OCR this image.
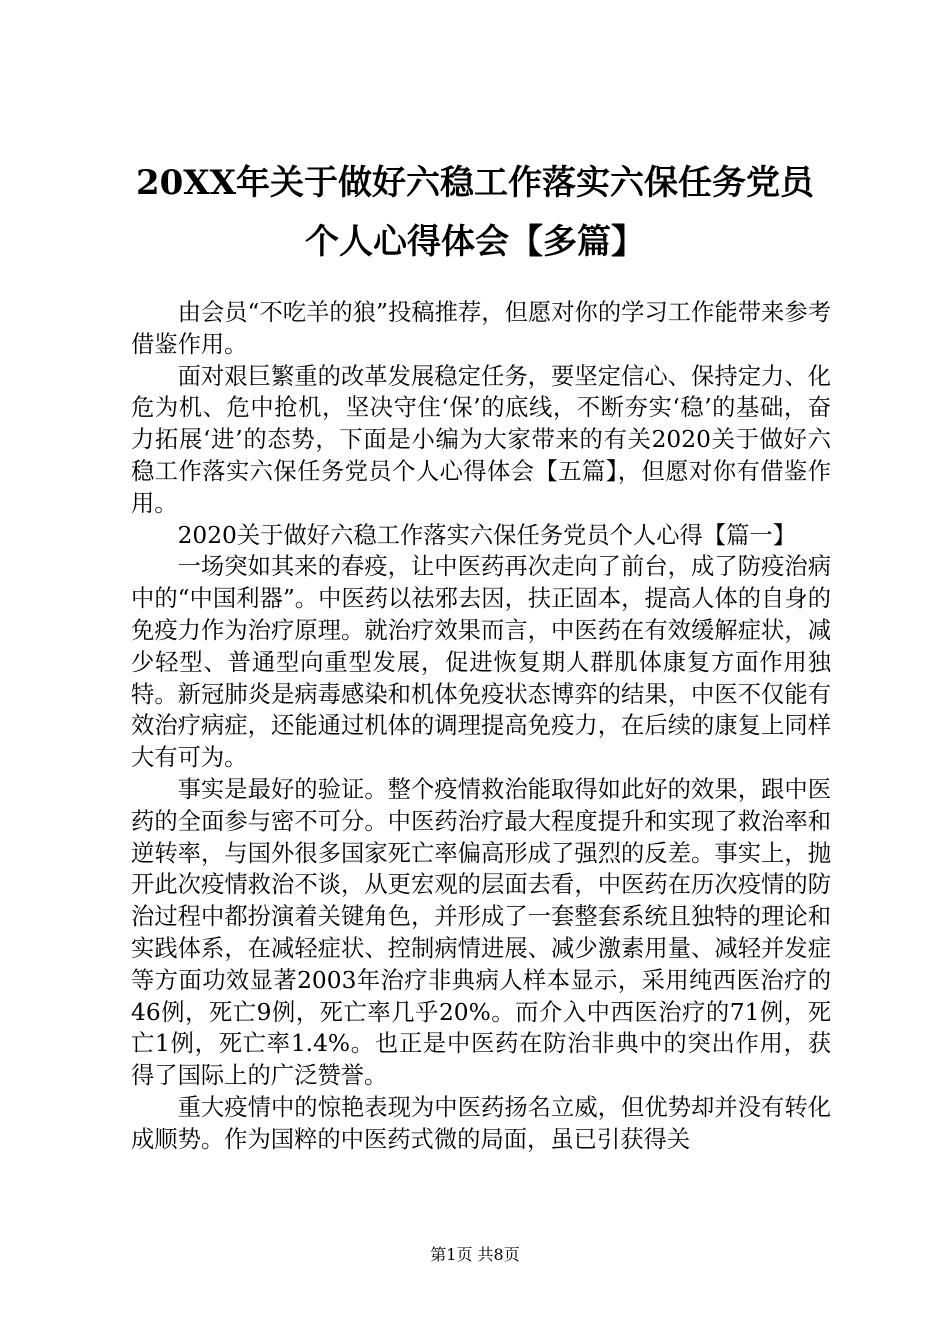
20XX年关于做好六稳工作落实六保任务党员
个人心得体会【多篇】

由会员“不吃羊的狼”投稿推荐，但愿对你的学习工作能带来参考借鉴作用。

面对艰巨繁重的改革发展稳定任务，要坚定信心、保持定力、化危为机、危中抢机，坚决守住‘保’的底线，不断夯实‘稳’的基础，奋力拓展‘进’的态势，下面是小编为大家带来的有关2020关于做好六稳工作落实六保任务党员个人心得体会【五篇】，但愿对你有借鉴作用。

2020关于做好六稳工作落实六保任务党员个人心得【篇一】

一场突如其来的春疫，让中医药再次走向了前台，成了防疫治病中的“中国利器”。中医药以祛邪去因，扶正固本，提高人体的自身的免疫力作为治疗原理。就治疗效果而言，中医药在有效缓解症状，减少轻型、普通型向重型发展，促进恢复期人群肌体康复方面作用独特。新冠肺炎是病毒感染和机体免疫状态博弈的结果，中医不仅能有效治疗病症，还能通过机体的调理提高免疫力，在后续的康复上同样大有可为。

事实是最好的验证。整个疫情救治能取得如此好的效果，跟中医药的全面参与密不可分。中医药治疗最大程度提升和实现了救治率和逆转率，与国外很多国家死亡率偏高形成了强烈的反差。事实上，抛开此次疫情救治不谈，从更宏观的层面去看，中医药在历次疫情的防治过程中都扮演着关键角色，并形成了一套整套系统且独特的理论和实践体系，在减轻症状、控制病情进展、减少激素用量、减轻并发症等方面功效显著2003年治疗非典病人样本显示，采用纯西医治疗的46例，死亡9例，死亡率几乎20%。而介入中西医治疗的71例，死亡1例，死亡率1.4%。也正是中医药在防治非典中的突出作用，获得了国际上的广泛赞誉。

重大疫情中的惊艳表现为中医药扬名立威，但优势却并没有转化成顺势。作为国粹的中医药式微的局面，虽已引获得关

第1页 共8页
